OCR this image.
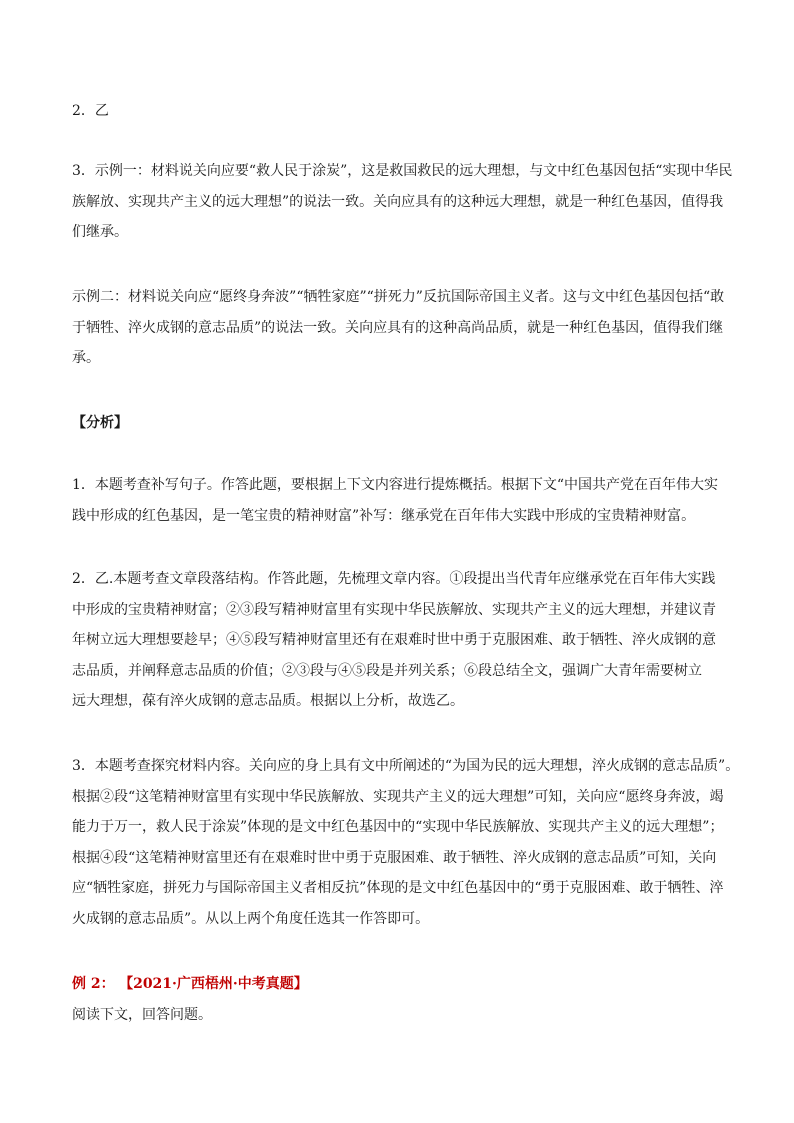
2．乙

3．示例一：材料说关向应要“救人民于涂炭”，这是救国救民的远大理想，与文中红色基因包括“实现中华民
族解放、实现共产主义的远大理想”的说法一致。关向应具有的这种远大理想，就是一种红色基因，值得我
们继承。

示例二：材料说关向应“愿终身奔波”“牺牲家庭”“拼死力”反抗国际帝国主义者。这与文中红色基因包括“敢
于牺牲、淬火成钢的意志品质”的说法一致。关向应具有的这种高尚品质，就是一种红色基因，值得我们继
承。

【分析】

1．本题考查补写句子。作答此题，要根据上下文内容进行提炼概括。根据下文“中国共产党在百年伟大实
践中形成的红色基因，是一笔宝贵的精神财富”补写：继承党在百年伟大实践中形成的宝贵精神财富。

2．乙.本题考查文章段落结构。作答此题，先梳理文章内容。①段提出当代青年应继承党在百年伟大实践
中形成的宝贵精神财富；②③段写精神财富里有实现中华民族解放、实现共产主义的远大理想，并建议青
年树立远大理想要趁早；④⑤段写精神财富里还有在艰难时世中勇于克服困难、敢于牺牲、淬火成钢的意
志品质，并阐释意志品质的价值；②③段与④⑤段是并列关系；⑥段总结全文，强调广大青年需要树立
远大理想，葆有淬火成钢的意志品质。根据以上分析，故选乙。

3．本题考查探究材料内容。关向应的身上具有文中所阐述的“为国为民的远大理想，淬火成钢的意志品质”。
根据②段“这笔精神财富里有实现中华民族解放、实现共产主义的远大理想”可知，关向应“愿终身奔波，竭
能力于万一，救人民于涂炭”体现的是文中红色基因中的“实现中华民族解放、实现共产主义的远大理想”；
根据④段“这笔精神财富里还有在艰难时世中勇于克服困难、敢于牺牲、淬火成钢的意志品质”可知，关向
应“牺牲家庭，拼死力与国际帝国主义者相反抗”体现的是文中红色基因中的“勇于克服困难、敢于牺牲、淬
火成钢的意志品质”。从以上两个角度任选其一作答即可。

例 2： 【2021·广西梧州·中考真题】
阅读下文，回答问题。
